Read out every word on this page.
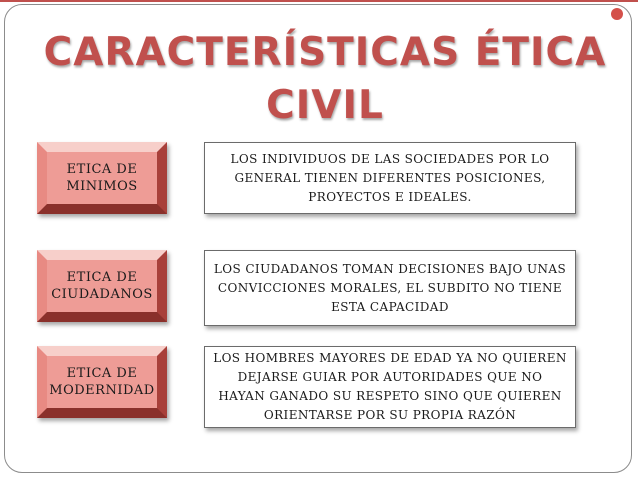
CARACTERÍSTICAS ÉTICA
CIVIL
ETICA DE MINIMOS
LOS INDIVIDUOS DE LAS SOCIEDADES POR LO GENERAL TIENEN DIFERENTES POSICIONES, PROYECTOS E IDEALES.
ETICA DE CIUDADANOS
LOS CIUDADANOS TOMAN DECISIONES BAJO UNAS CONVICCIONES MORALES, EL SUBDITO NO TIENE ESTA CAPACIDAD
ETICA DE MODERNIDAD
LOS HOMBRES MAYORES DE EDAD YA NO QUIEREN DEJARSE GUIAR POR AUTORIDADES QUE NO HAYAN GANADO SU RESPETO SINO QUE QUIEREN ORIENTARSE POR SU PROPIA RAZÓN
